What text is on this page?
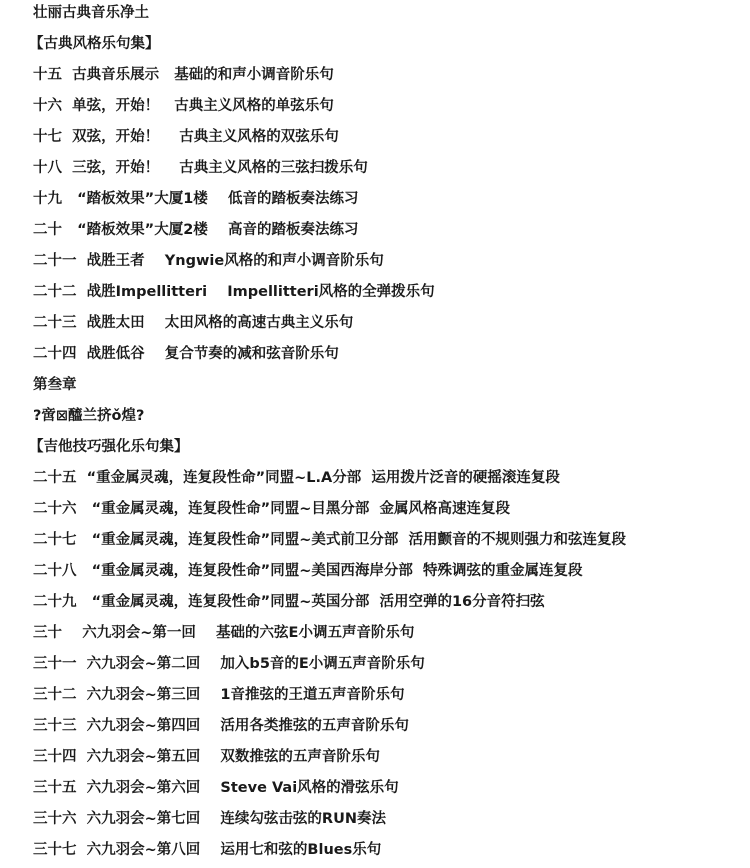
壮丽古典音乐净土
【古典风格乐句集】
十五  古典音乐展示   基础的和声小调音阶乐句
十六  单弦，开始！   古典主义风格的单弦乐句
十七  双弦，开始！    古典主义风格的双弦乐句
十八  三弦，开始！    古典主义风格的三弦扫拨乐句
十九   “踏板效果”大厦1楼    低音的踏板奏法练习
二十   “踏板效果”大厦2楼    高音的踏板奏法练习
二十一  战胜王者    Yngwie风格的和声小调音阶乐句
二十二  战胜Impellitteri    Impellitteri风格的全弹拨乐句
二十三  战胜太田    太田风格的高速古典主义乐句
二十四  战胜低谷    复合节奏的减和弦音阶乐句
第叁章
?啻⊠醯兰挤ǒ煌?
【吉他技巧强化乐句集】
二十五  “重金属灵魂，连复段性命”同盟~L.A分部  运用拨片泛音的硬摇滚连复段
二十六   “重金属灵魂，连复段性命”同盟~目黑分部  金属风格高速连复段
二十七   “重金属灵魂，连复段性命”同盟~美式前卫分部  活用颤音的不规则强力和弦连复段
二十八   “重金属灵魂，连复段性命”同盟~美国西海岸分部  特殊调弦的重金属连复段
二十九   “重金属灵魂，连复段性命”同盟~英国分部  活用空弹的16分音符扫弦
三十    六九羽会~第一回    基础的六弦E小调五声音阶乐句
三十一  六九羽会~第二回    加入b5音的E小调五声音阶乐句
三十二  六九羽会~第三回    1音推弦的王道五声音阶乐句
三十三  六九羽会~第四回    活用各类推弦的五声音阶乐句
三十四  六九羽会~第五回    双数推弦的五声音阶乐句
三十五  六九羽会~第六回    Steve Vai风格的滑弦乐句
三十六  六九羽会~第七回    连续勾弦击弦的RUN奏法
三十七  六九羽会~第八回    运用七和弦的Blues乐句
